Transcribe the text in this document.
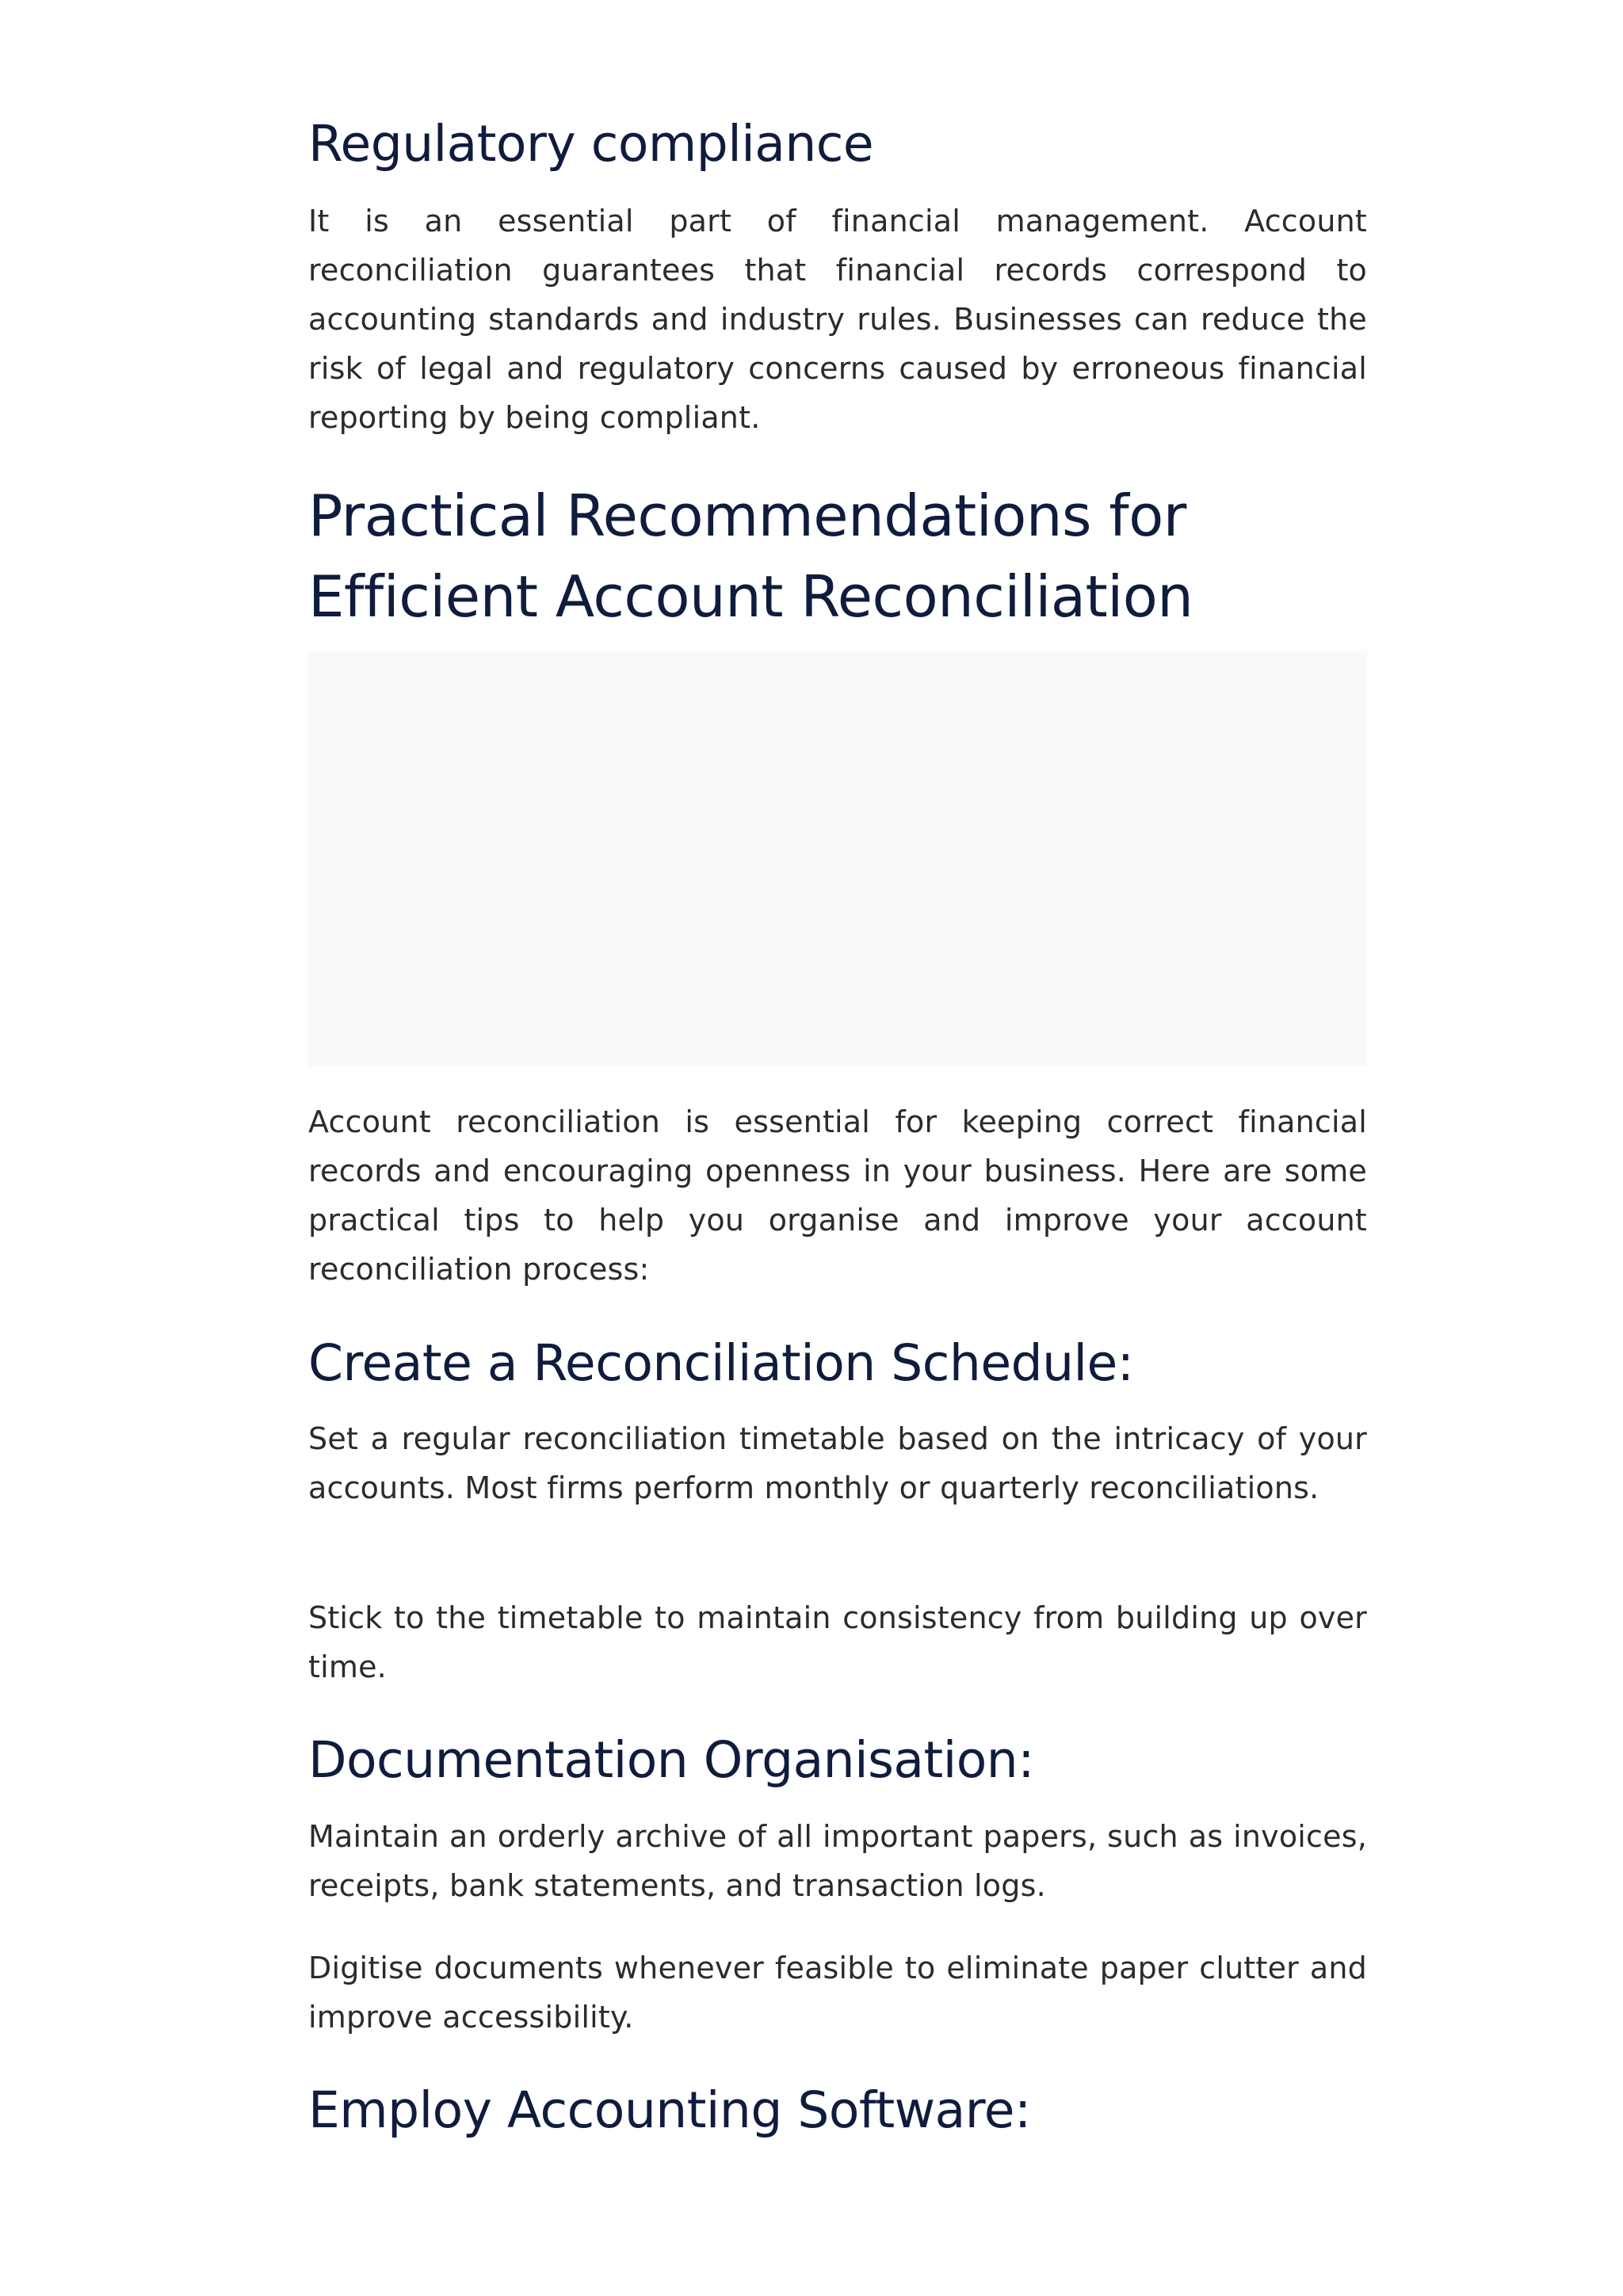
Regulatory compliance

It is an essential part of financial management. Account reconciliation guarantees that financial records correspond to accounting standards and industry rules. Businesses can reduce the risk of legal and regulatory concerns caused by erroneous financial reporting by being compliant.

Practical Recommendations for Efficient Account Reconciliation

Account reconciliation is essential for keeping correct financial records and encouraging openness in your business. Here are some practical tips to help you organise and improve your account reconciliation process:

Create a Reconciliation Schedule:

Set a regular reconciliation timetable based on the intricacy of your accounts. Most firms perform monthly or quarterly reconciliations.

Stick to the timetable to maintain consistency from building up over time.

Documentation Organisation:

Maintain an orderly archive of all important papers, such as invoices, receipts, bank statements, and transaction logs.

Digitise documents whenever feasible to eliminate paper clutter and improve accessibility.

Employ Accounting Software:
